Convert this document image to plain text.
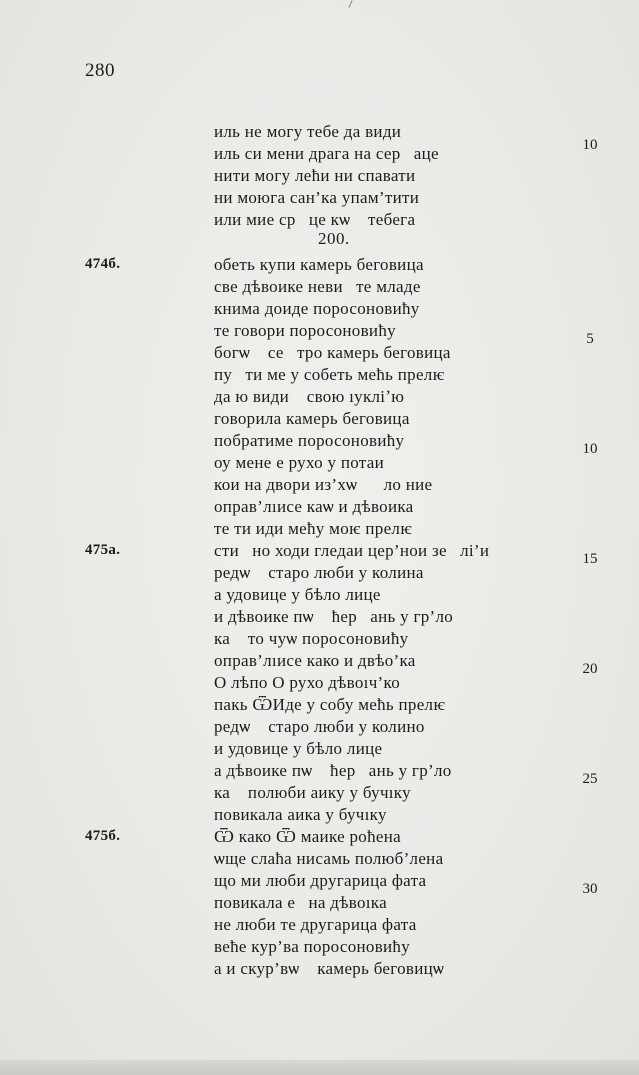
280
200.
иль не могу тебе да видиᷬ
иль си мени драга на серᷩаце
нити могу леħи ни спавати
ни моюга сан’ка упам’тити
или мие срᷩце кѡᷩ тебега
обеть купи камерь беговица
све дѣвоике невиᷱте младе
книма доиде поросоновиħу
те говори поросоновиħу
богѡᷬ сеᷱтро камерь беговица
пуᷱти ме у собеть меħь прелѥ
да ю видиᷬ свою ıукліʼю
говорила камерь беговица
побратиме поросоновиħу
оу мене е рухо у потаи
кои на двори из’хѡᷩᷨло ние
оправ’лıисе каѡ и дѣвоика
те ти иди меħу моѥ прелѥ
стиᷩно ходи гледаи цер’нои зеᷬлі’и
редѡᷬ старо люби у колина
а удовице у бѣло лице
и дѣвоике пѡᷩ ħерᷩань у гр’ло
каᷩ то чуѡ поросоновиħу
оправ’лıисе како и двѣо’ка
О лѣпо О рухо дѣвоıч’ко
пакь ѾИде у собу меħь прелѥ
редѡᷬ старо люби у колино
и удовице у бѣло лице
а дѣвоике пѡᷩ ħерᷩань у гр’ло
каᷩ полюби аику у бучıку
повикала аика у бучıку
Ѿ како Ѿ маике роħена
ѡще слаħа нисамь полюб’лена
що ми люби другарица фата
повикала еᷩна дѣвоıка
не люби те другарица фата
веħе кур’ва поросоновиħу
а и скур’вѡᷬ камерь беговицѡᷬ
474б.
475а.
475б.
10
5
10
15
20
25
30
